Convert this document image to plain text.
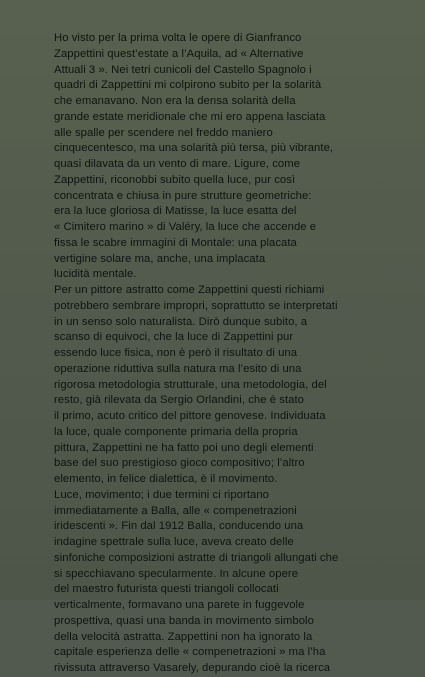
Ho visto per la prima volta le opere di Gianfranco
Zappettini quest’estate a l’Aquila, ad « Alternative
Attuali 3 ». Nei tetri cunicoli del Castello Spagnolo i
quadri di Zappettini mi colpirono subito per la solarità
che emanavano. Non era la densa solarità della
grande estate meridionale che mi ero appena lasciata
alle spalle per scendere nel freddo maniero
cinquecentesco, ma una solarità più tersa, più vibrante,
quasi dilavata da un vento di mare. Ligure, come
Zappettini, riconobbi subito quella luce, pur così
concentrata e chiusa in pure strutture geometriche:
era la luce gloriosa di Matisse, la luce esatta del
« Cimitero marino » di Valéry, la luce che accende e
fissa le scabre immagini di Montale: una placata
vertigine solare ma, anche, una implacata
lucidità mentale.
Per un pittore astratto come Zappettini questi richiami
potrebbero sembrare impropri, soprattutto se interpretati
in un senso solo naturalista. Dirò dunque subito, a
scanso di equivoci, che la luce di Zappettini pur
essendo luce fisica, non è però il risultato di una
operazione riduttiva sulla natura ma l’esito di una
rigorosa metodologia strutturale, una metodologia, del
resto, già rilevata da Sergio Orlandini, che è stato
il primo, acuto critico del pittore genovese. Individuata
la luce, quale componente primaria della propria
pittura, Zappettini ne ha fatto poi uno degli elementi
base del suo prestigioso gioco compositivo; l’altro
elemento, in felice dialettica, è il movimento.
Luce, movimento; i due termini ci riportano
immediatamente a Balla, alle « compenetrazioni
iridescenti ». Fin dal 1912 Balla, conducendo una
indagine spettrale sulla luce, aveva creato delle
sinfoniche composizioni astratte di triangoli allungati che
si specchiavano specularmente. In alcune opere
del maestro futurista questi triangoli collocati
verticalmente, formavano una parete in fuggevole
prospettiva, quasi una banda in movimento simbolo
della velocità astratta. Zappettini non ha ignorato la
capitale esperienza delle « compenetrazioni » ma l’ha
rivissuta attraverso Vasarely, depurando cioè la ricerca
